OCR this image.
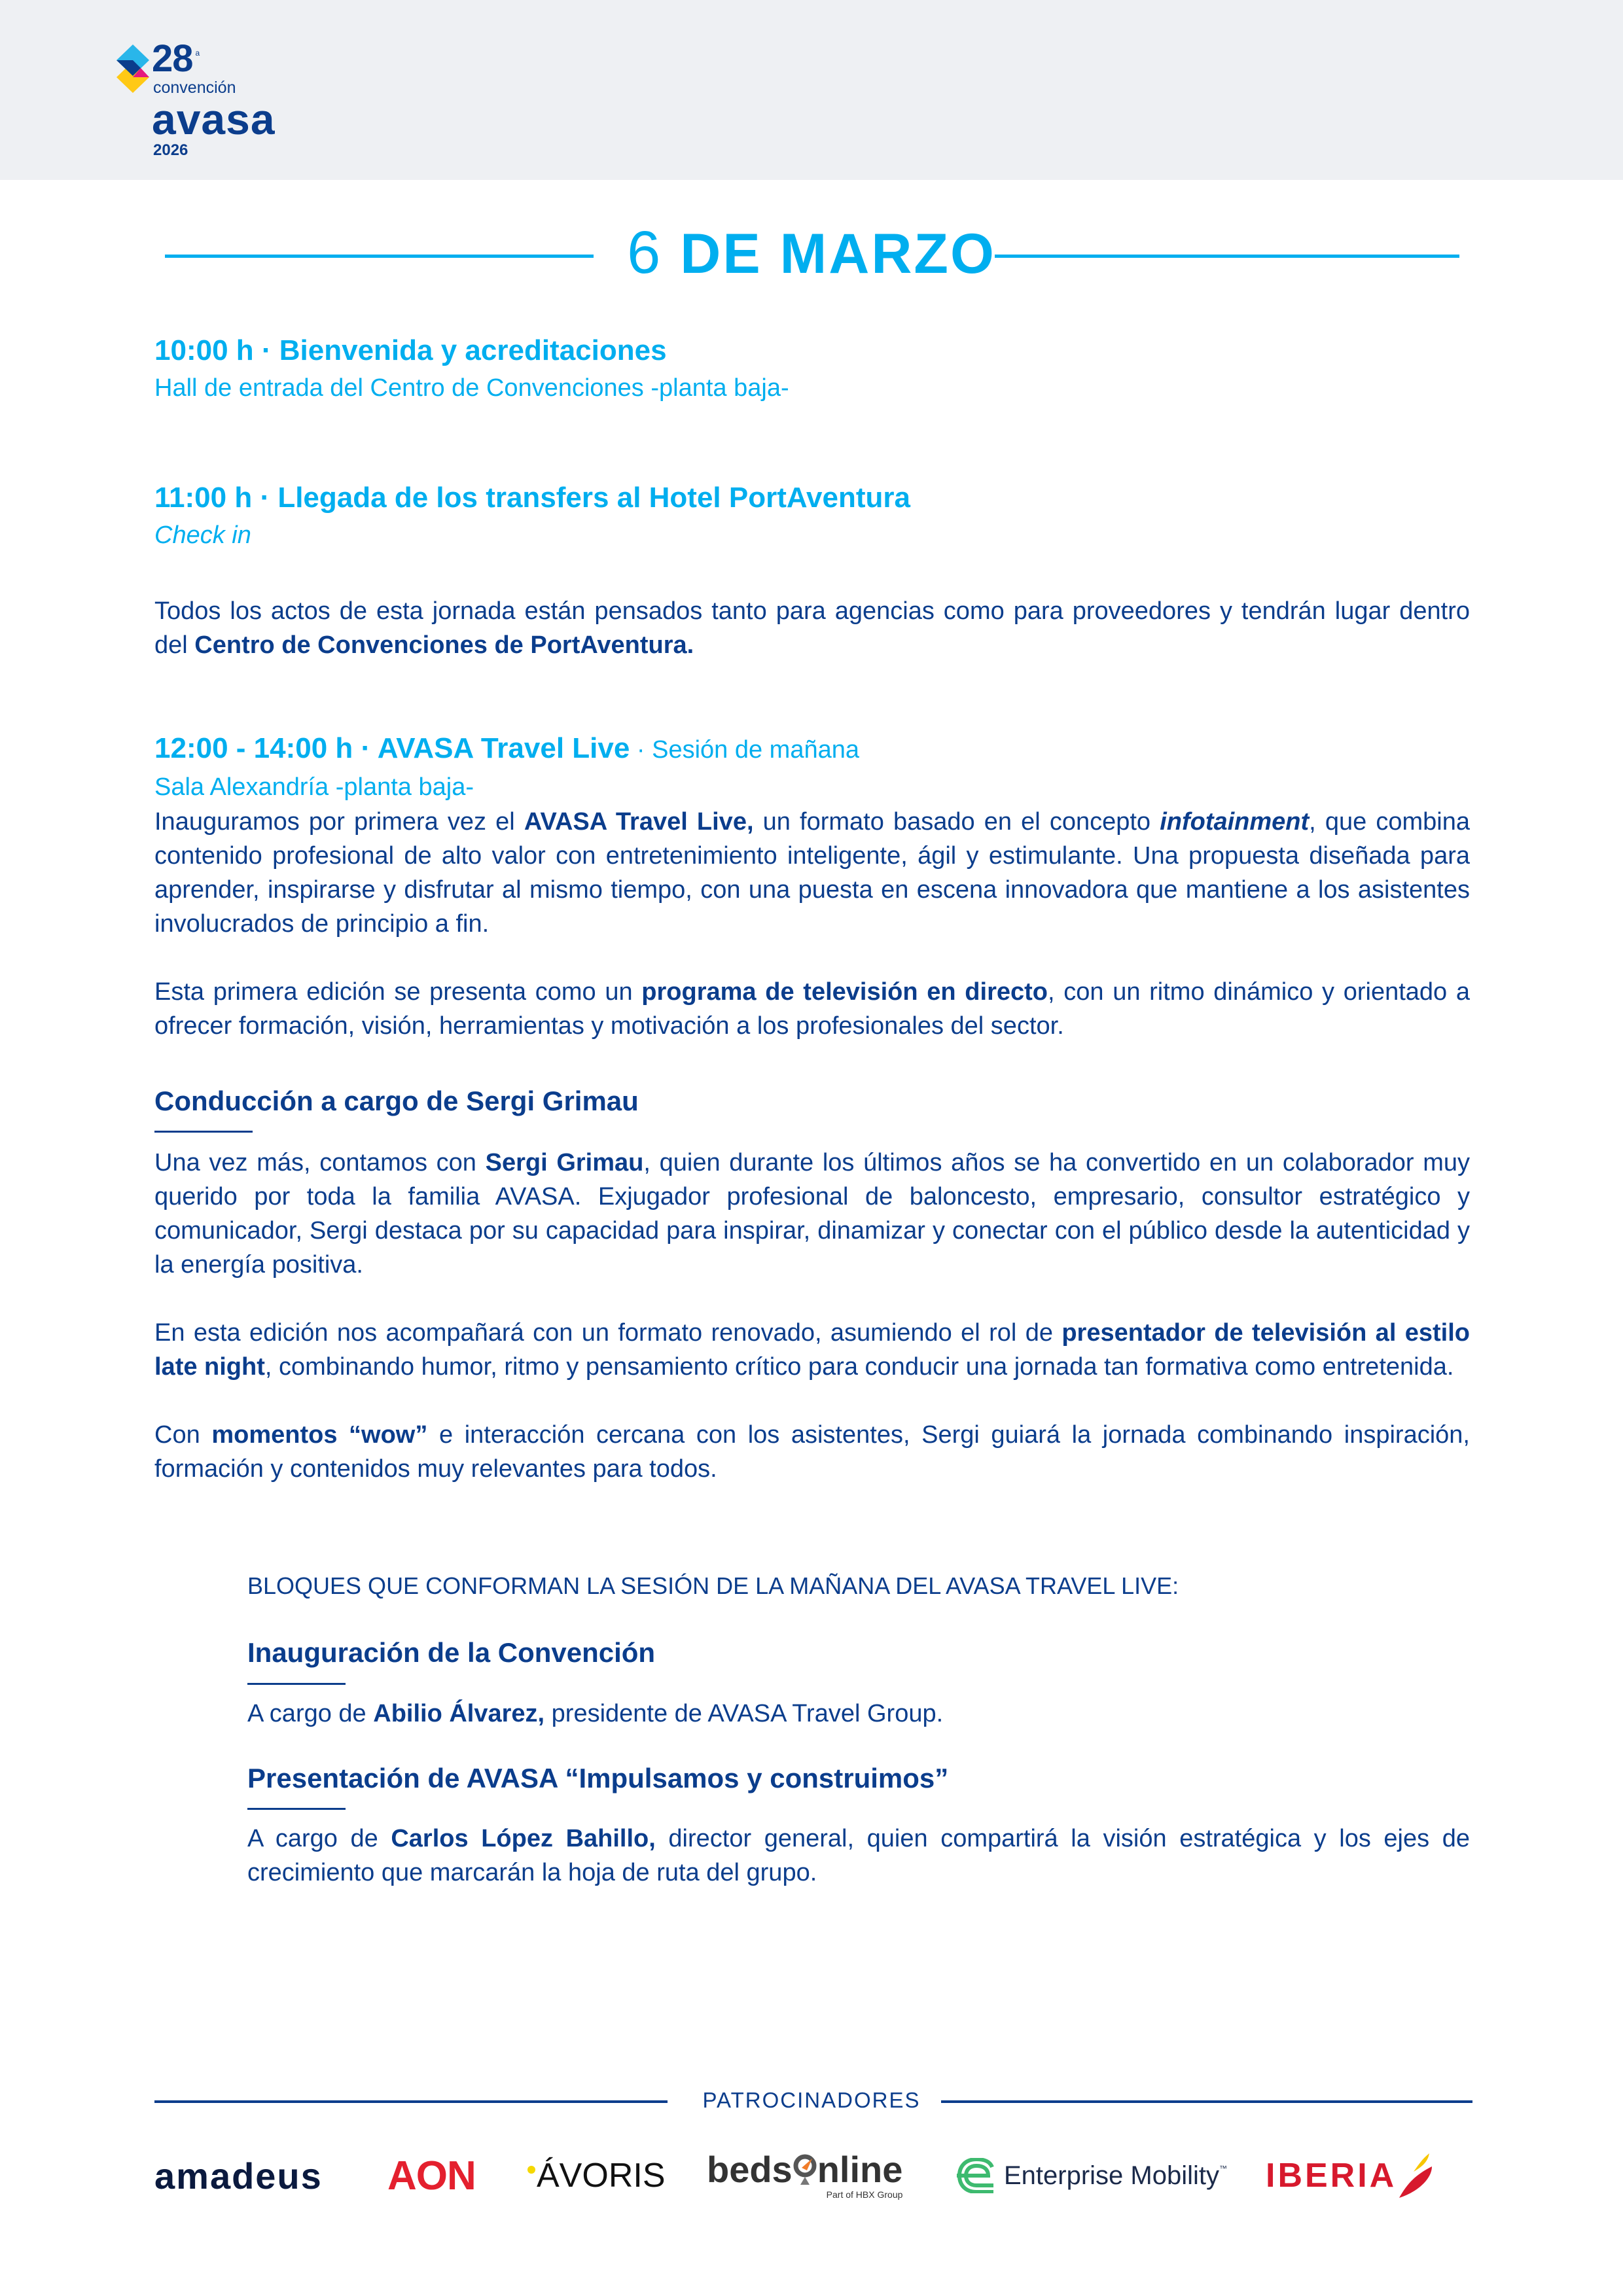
28 a
convención
avasa
2026
6 DE MARZO
10:00 h · Bienvenida y acreditaciones
Hall de entrada del Centro de Convenciones -planta baja-
11:00 h · Llegada de los transfers al Hotel PortAventura
Check in
Todos los actos de esta jornada están pensados tanto para agencias como para proveedores y tendrán lugar dentro del Centro de Convenciones de PortAventura.
12:00 - 14:00 h · AVASA Travel Live · Sesión de mañana
Sala Alexandría -planta baja-
Inauguramos por primera vez el AVASA Travel Live, un formato basado en el concepto infotainment, que combina contenido profesional de alto valor con entretenimiento inteligente, ágil y estimulante. Una propuesta diseñada para aprender, inspirarse y disfrutar al mismo tiempo, con una puesta en escena innovadora que mantiene a los asistentes involucrados de principio a fin.
Esta primera edición se presenta como un programa de televisión en directo, con un ritmo dinámico y orientado a ofrecer formación, visión, herramientas y motivación a los profesionales del sector.
Conducción a cargo de Sergi Grimau
Una vez más, contamos con Sergi Grimau, quien durante los últimos años se ha convertido en un colaborador muy querido por toda la familia AVASA. Exjugador profesional de baloncesto, empresario, consultor estratégico y comunicador, Sergi destaca por su capacidad para inspirar, dinamizar y conectar con el público desde la autenticidad y la energía positiva.
En esta edición nos acompañará con un formato renovado, asumiendo el rol de presentador de televisión al estilo late night, combinando humor, ritmo y pensamiento crítico para conducir una jornada tan formativa como entretenida.
Con momentos “wow” e interacción cercana con los asistentes, Sergi guiará la jornada combinando inspiración, formación y contenidos muy relevantes para todos.
BLOQUES QUE CONFORMAN LA SESIÓN DE LA MAÑANA DEL AVASA TRAVEL LIVE:
Inauguración de la Convención
A cargo de Abilio Álvarez, presidente de AVASA Travel Group.
Presentación de AVASA “Impulsamos y construimos”
A cargo de Carlos López Bahillo, director general, quien compartirá la visión estratégica y los ejes de crecimiento que marcarán la hoja de ruta del grupo.
PATROCINADORES
amadeus AON ÁVORIS beds nline
Part of HBX Group
Enterprise Mobility ™ IBERIA
